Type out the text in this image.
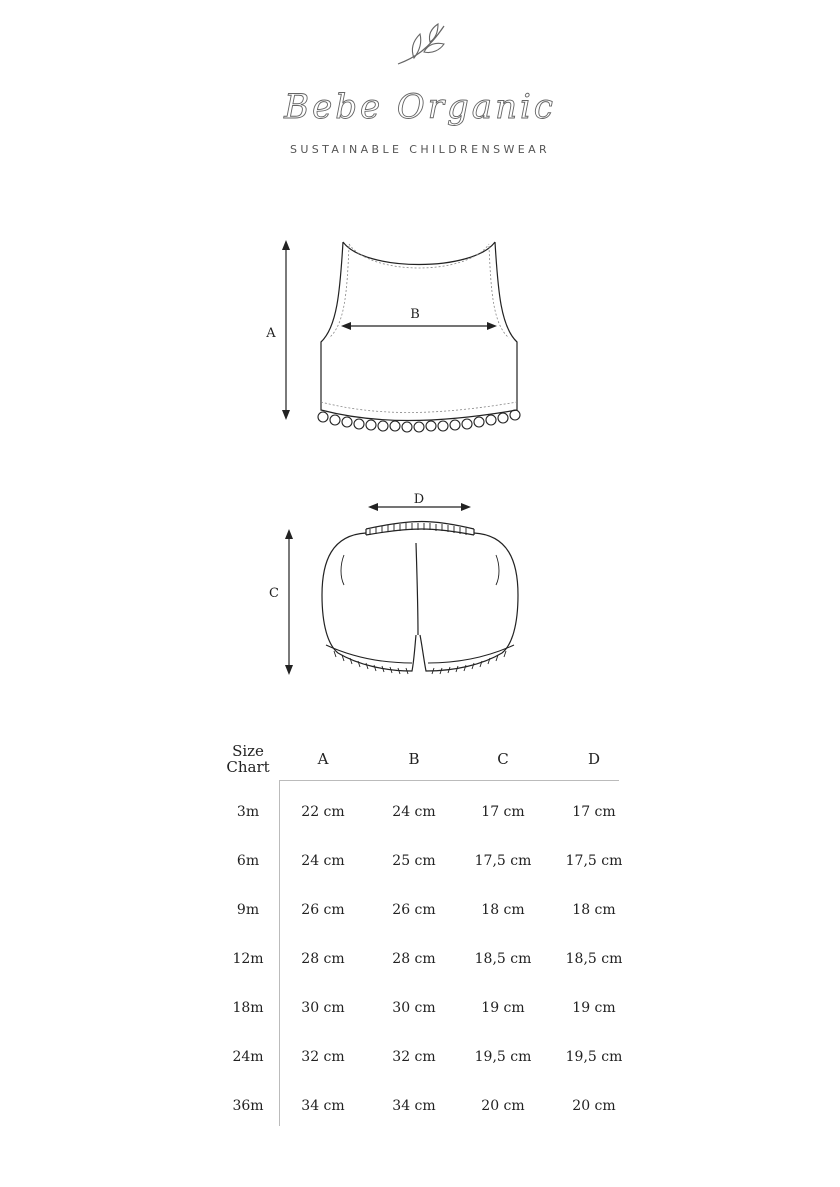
Bebe Organic
SUSTAINABLE CHILDRENSWEAR
A
B
D
C
Size
Chart	A	B	C	D
3m	22 cm	24 cm	17 cm	17 cm
6m	24 cm	25 cm	17,5 cm	17,5 cm
9m	26 cm	26 cm	18 cm	18 cm
12m	28 cm	28 cm	18,5 cm	18,5 cm
18m	30 cm	30 cm	19 cm	19 cm
24m	32 cm	32 cm	19,5 cm	19,5 cm
36m	34 cm	34 cm	20 cm	20 cm
